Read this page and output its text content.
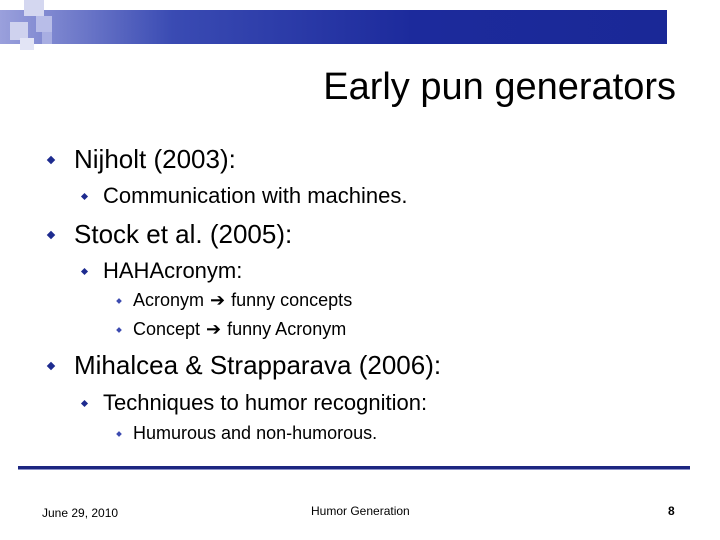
Early pun generators
Nijholt (2003):
Communication with machines.
Stock et al. (2005):
HAHAcronym:
Acronym ➔ funny concepts
Concept ➔ funny Acronym
Mihalcea & Strapparava (2006):
Techniques to humor recognition:
Humurous and non-humorous.
June 29, 2010	Humor Generation	8
